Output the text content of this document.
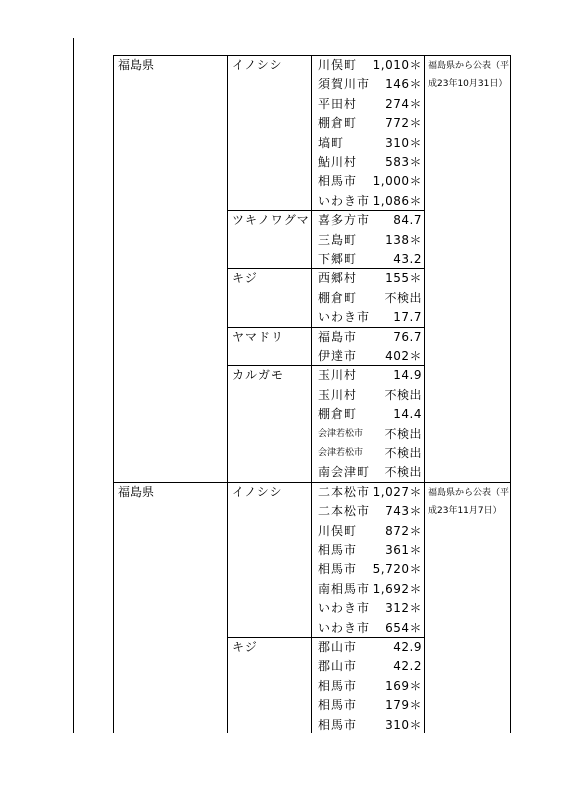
福島県	福島県から公表（平
成23年10月31日）
イノシシ	川俣町	1,010＊
須賀川市	146＊
平田村	274＊
棚倉町	772＊
塙町	310＊
鮎川村	583＊
相馬市	1,000＊
いわき市 1,086＊
ツキノワグマ 喜多方市	84.7
三島町	138＊
下郷町	43.2
キジ	西郷村	155＊
棚倉町	不検出
いわき市	17.7
ヤマドリ	福島市	76.7
伊達市	402＊
カルガモ	玉川村	14.9
玉川村	不検出
棚倉町	14.4
会津若松市	不検出
会津若松市	不検出
南会津町	不検出
福島県	福島県から公表（平
成23年11月7日）
イノシシ	二本松市 1,027＊
二本松市	743＊
川俣町	872＊
相馬市	361＊
相馬市	5,720＊
南相馬市 1,692＊
いわき市	312＊
いわき市	654＊
キジ	郡山市	42.9
郡山市	42.2
相馬市	169＊
相馬市	179＊
相馬市	310＊
